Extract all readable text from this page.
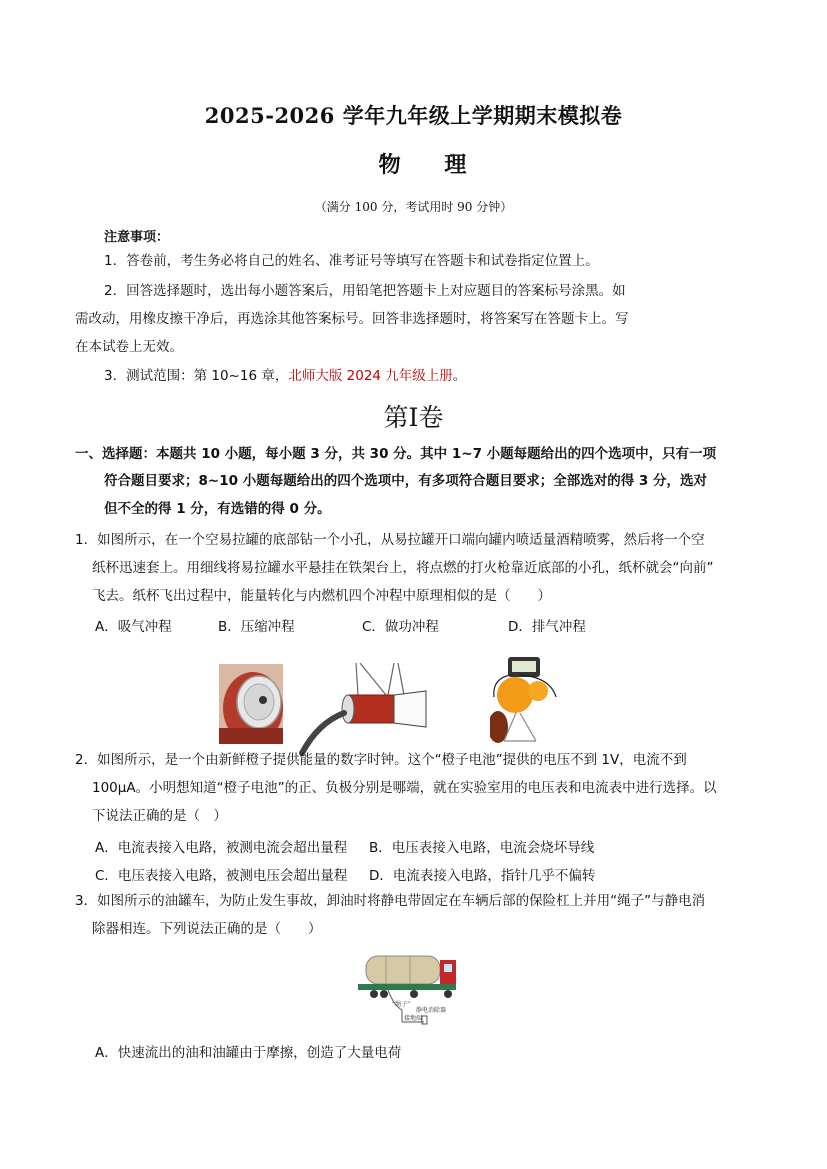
2025-2026 学年九年级上学期期末模拟卷
物 理
（满分 100 分，考试用时 90 分钟）
注意事项：
1．答卷前，考生务必将自己的姓名、准考证号等填写在答题卡和试卷指定位置上。
2．回答选择题时，选出每小题答案后，用铅笔把答题卡上对应题目的答案标号涂黑。如
需改动，用橡皮擦干净后，再选涂其他答案标号。回答非选择题时，将答案写在答题卡上。写
在本试卷上无效。
3．测试范围：第 10~16 章，北师大版 2024 九年级上册。
第Ⅰ卷
一、选择题：本题共 10 小题，每小题 3 分，共 30 分。其中 1~7 小题每题给出的四个选项中，只有一项
符合题目要求；8~10 小题每题给出的四个选项中，有多项符合题目要求；全部选对的得 3 分，选对
但不全的得 1 分，有选错的得 0 分。
1．如图所示，在一个空易拉罐的底部钻一个小孔，从易拉罐开口端向罐内喷适量酒精喷雾，然后将一个空
纸杯迅速套上。用细线将易拉罐水平悬挂在铁架台上，将点燃的打火枪靠近底部的小孔，纸杯就会“向前”
飞去。纸杯飞出过程中，能量转化与内燃机四个冲程中原理相似的是（　　）
A．吸气冲程	B．压缩冲程	C．做功冲程	D．排气冲程
2．如图所示，是一个由新鲜橙子提供能量的数字时钟。这个“橙子电池”提供的电压不到 1V，电流不到
100μA。小明想知道“橙子电池”的正、负极分别是哪端，就在实验室用的电压表和电流表中进行选择。以
下说法正确的是（　）
A．电流表接入电路，被测电流会超出量程 B．电压表接入电路，电流会烧坏导线
C．电压表接入电路，被测电压会超出量程 D．电流表接入电路，指针几乎不偏转
3．如图所示的油罐车，为防止发生事故，卸油时将静电带固定在车辆后部的保险杠上并用“绳子”与静电消
除器相连。下列说法正确的是（　　）
“绳子”
静电消除器
接地端
A．快速流出的油和油罐由于摩擦，创造了大量电荷
